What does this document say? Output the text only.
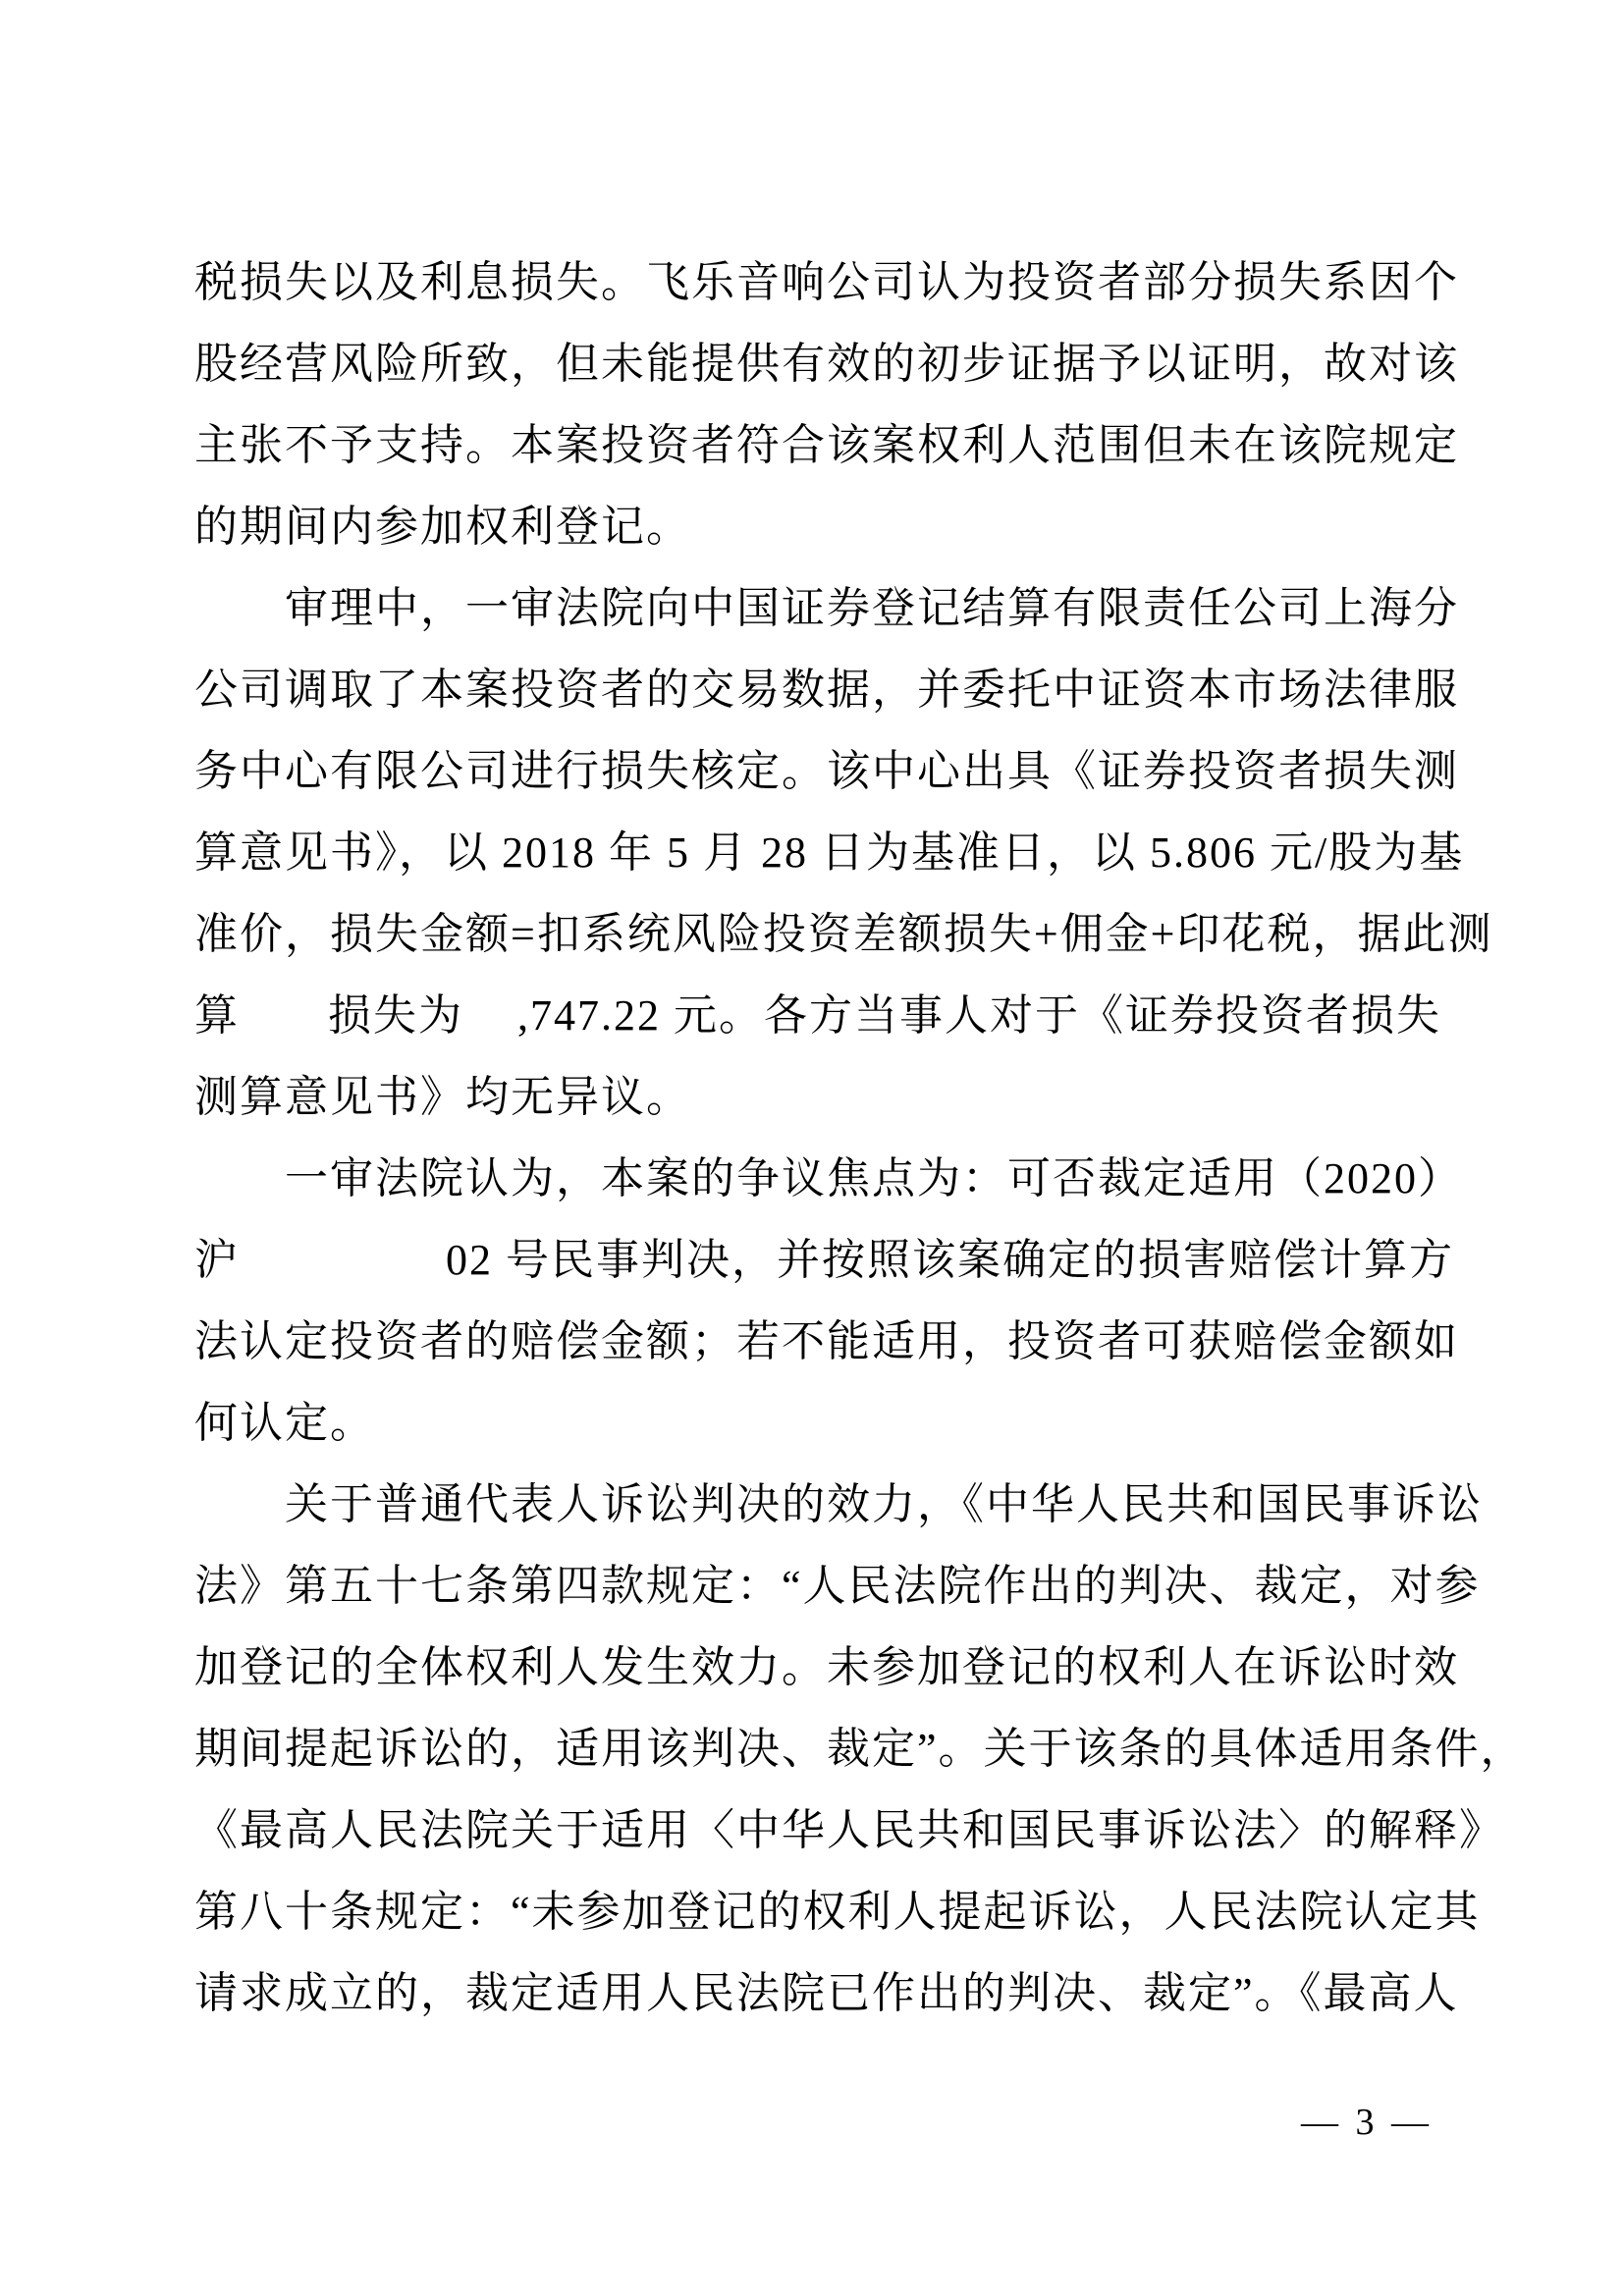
税损失以及利息损失。飞乐音响公司认为投资者部分损失系因个
股经营风险所致，但未能提供有效的初步证据予以证明，故对该
主张不予支持。本案投资者符合该案权利人范围但未在该院规定
的期间内参加权利登记。
审理中，一审法院向中国证券登记结算有限责任公司上海分
公司调取了本案投资者的交易数据，并委托中证资本市场法律服
务中心有限公司进行损失核定。该中心出具《证券投资者损失测
算意见书》，以 2018 年 5 月 28 日为基准日，以 5.806 元/股为基
准价，损失金额=扣系统风险投资差额损失+佣金+印花税，据此测
算 损失为 ,747.22 元。各方当事人对于《证券投资者损失
测算意见书》均无异议。
一审法院认为，本案的争议焦点为：可否裁定适用（2020）
沪	02 号民事判决，并按照该案确定的损害赔偿计算方
法认定投资者的赔偿金额；若不能适用，投资者可获赔偿金额如
何认定。
关于普通代表人诉讼判决的效力，《中华人民共和国民事诉讼
法》第五十七条第四款规定：“人民法院作出的判决、裁定，对参
加登记的全体权利人发生效力。未参加登记的权利人在诉讼时效
期间提起诉讼的，适用该判决、裁定”。关于该条的具体适用条件，
《最高人民法院关于适用〈中华人民共和国民事诉讼法〉的解释》
第八十条规定：“未参加登记的权利人提起诉讼，人民法院认定其
请求成立的，裁定适用人民法院已作出的判决、裁定”。《最高人
— 3 —
